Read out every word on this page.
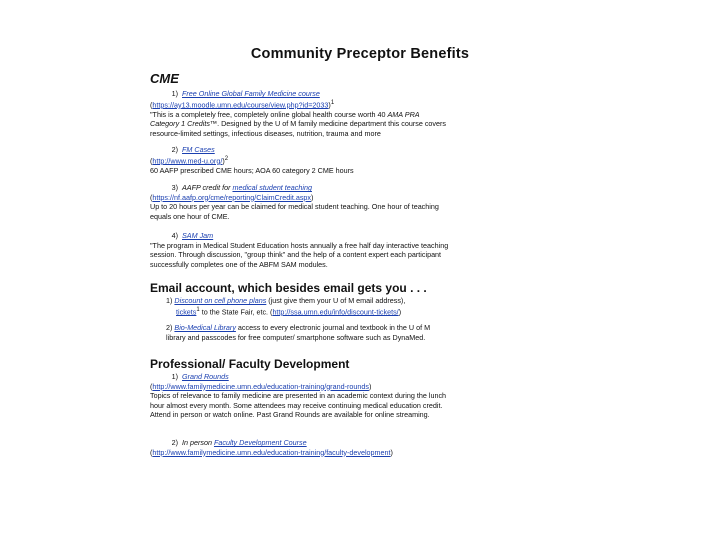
Community Preceptor Benefits
CME
1) Free Online Global Family Medicine course
(https://ay13.moodle.umn.edu/course/view.php?id=2033)$^1$
"This is a completely free, completely online global health course worth 40 AMA PRA Category 1 Credits™. Designed by the U of M family medicine department this course covers resource-limited settings, infectious diseases, nutrition, trauma and more
2) FM Cases
(http://www.med-u.org/)$^2$
60 AAFP prescribed CME hours; AOA 60 category 2 CME hours
3) AAFP credit for medical student teaching
(https://nf.aafp.org/cme/reporting/ClaimCredit.aspx)
Up to 20 hours per year can be claimed for medical student teaching. One hour of teaching equals one hour of CME.
4) SAM Jam
"The program in Medical Student Education hosts annually a free half day interactive teaching session. Through discussion, "group think" and the help of a content expert each participant successfully completes one of the ABFM SAM modules.
Email account, which besides email gets you . . .
1) Discount on cell phone plans (just give them your U of M email address),
tickets$^1$ to the State Fair, etc. (http://ssa.umn.edu/info/discount-tickets/)
2) Bio-Medical Library access to every electronic journal and textbook in the U of M library and passcodes for free computer/ smartphone software such as DynaMed.
Professional/ Faculty Development
1) Grand Rounds
(http://www.familymedicine.umn.edu/education-training/grand-rounds)
Topics of relevance to family medicine are presented in an academic context during the lunch hour almost every month. Some attendees may receive continuing medical education credit. Attend in person or watch online. Past Grand Rounds are available for online streaming.
2) In person Faculty Development Course
(http://www.familymedicine.umn.edu/education-training/faculty-development)
